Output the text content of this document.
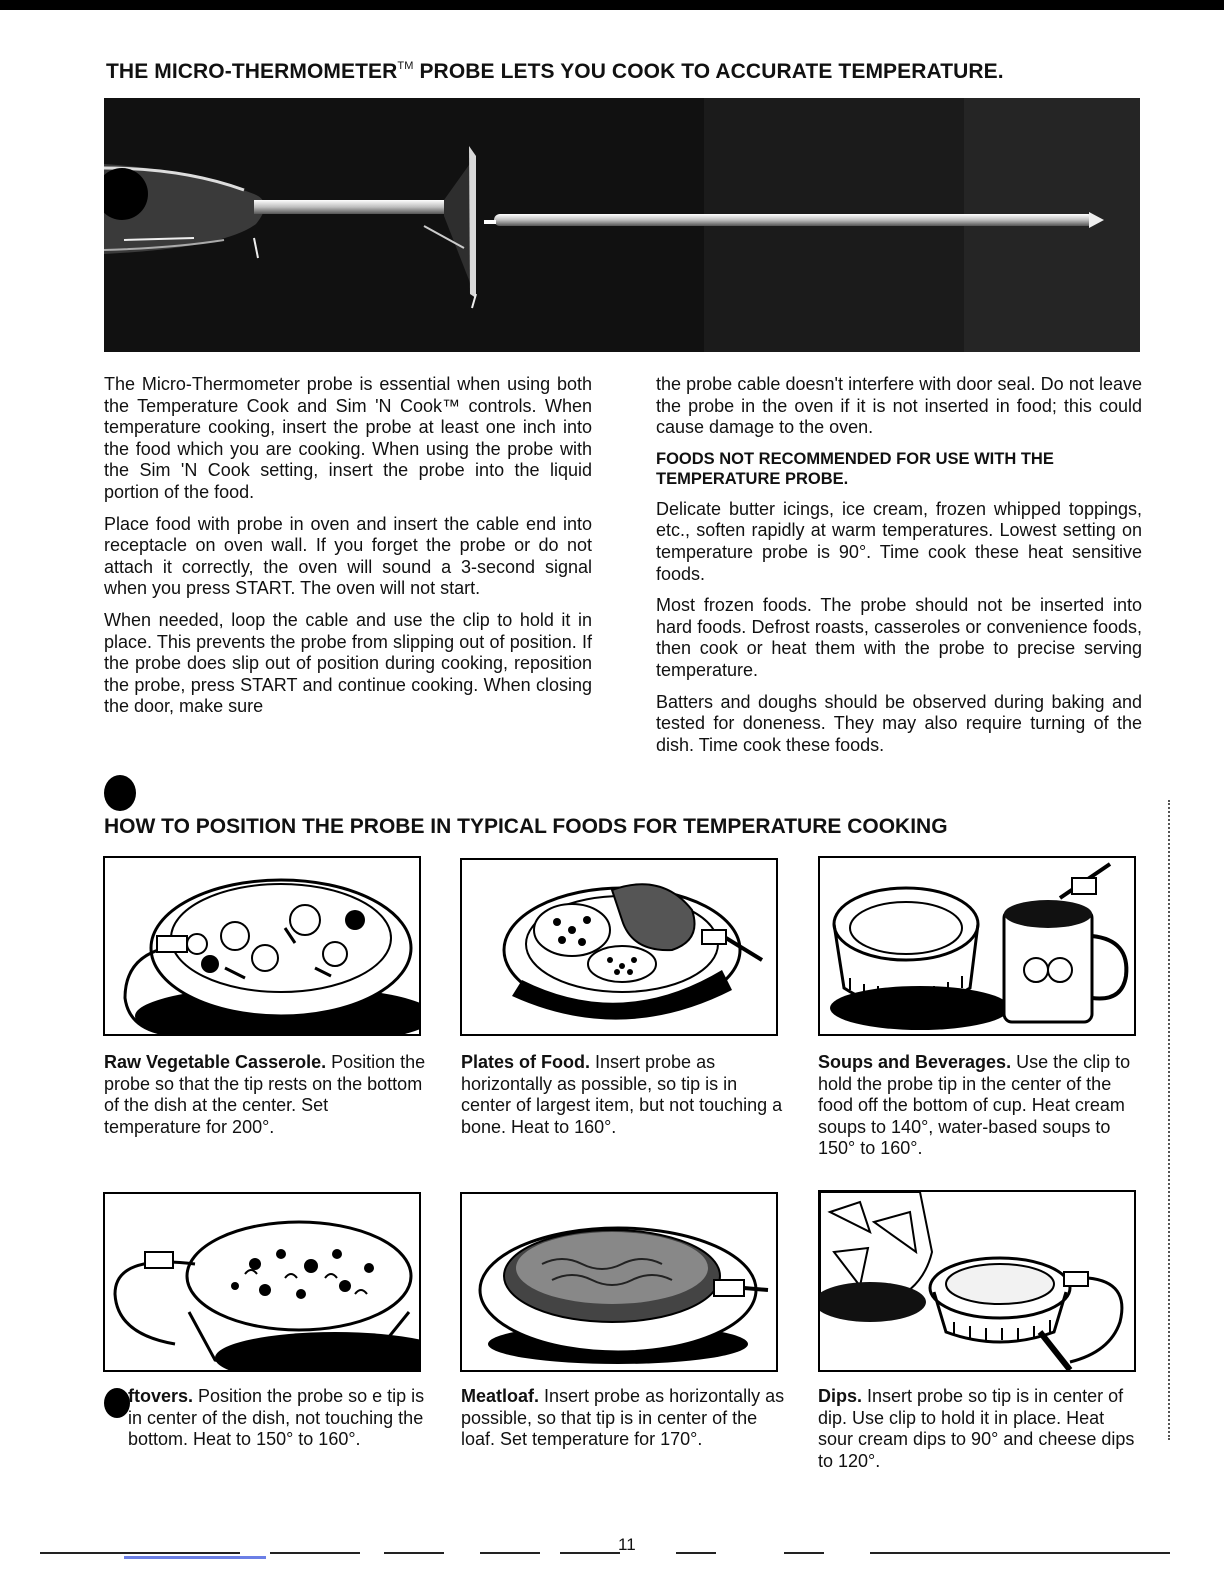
THE MICRO-THERMOMETER™ PROBE LETS YOU COOK TO ACCURATE TEMPERATURE.

The Micro-Thermometer probe is essential when using both the Temperature Cook and Sim 'N Cook™ controls. When temperature cooking, insert the probe at least one inch into the food which you are cooking. When using the probe with the Sim 'N Cook setting, insert the probe into the liquid portion of the food.

Place food with probe in oven and insert the cable end into receptacle on oven wall. If you forget the probe or do not attach it correctly, the oven will sound a 3-second signal when you press START. The oven will not start.

When needed, loop the cable and use the clip to hold it in place. This prevents the probe from slipping out of position. If the probe does slip out of position during cooking, reposition the probe, press START and continue cooking. When closing the door, make sure

the probe cable doesn't interfere with door seal. Do not leave the probe in the oven if it is not inserted in food; this could cause damage to the oven.

FOODS NOT RECOMMENDED FOR USE WITH THE TEMPERATURE PROBE.

Delicate butter icings, ice cream, frozen whipped toppings, etc., soften rapidly at warm temperatures. Lowest setting on temperature probe is 90°. Time cook these heat sensitive foods.

Most frozen foods. The probe should not be inserted into hard foods. Defrost roasts, casseroles or convenience foods, then cook or heat them with the probe to precise serving temperature.

Batters and doughs should be observed during baking and tested for doneness. They may also require turning of the dish. Time cook these foods.

HOW TO POSITION THE PROBE IN TYPICAL FOODS FOR TEMPERATURE COOKING
Raw Vegetable Casserole. Position the probe so that the tip rests on the bottom of the dish at the center. Set temperature for 200°.
Plates of Food. Insert probe as horizontally as possible, so tip is in center of largest item, but not touching a bone. Heat to 160°.
Soups and Beverages. Use the clip to hold the probe tip in the center of the food off the bottom of cup. Heat cream soups to 140°, water-based soups to 150° to 160°.
ftovers. Position the probe so e tip is in center of the dish, not touching the bottom. Heat to 150° to 160°.
Meatloaf. Insert probe as horizontally as possible, so that tip is in center of the loaf. Set temperature for 170°.
Dips. Insert probe so tip is in center of dip. Use clip to hold it in place. Heat sour cream dips to 90° and cheese dips to 120°.
11
